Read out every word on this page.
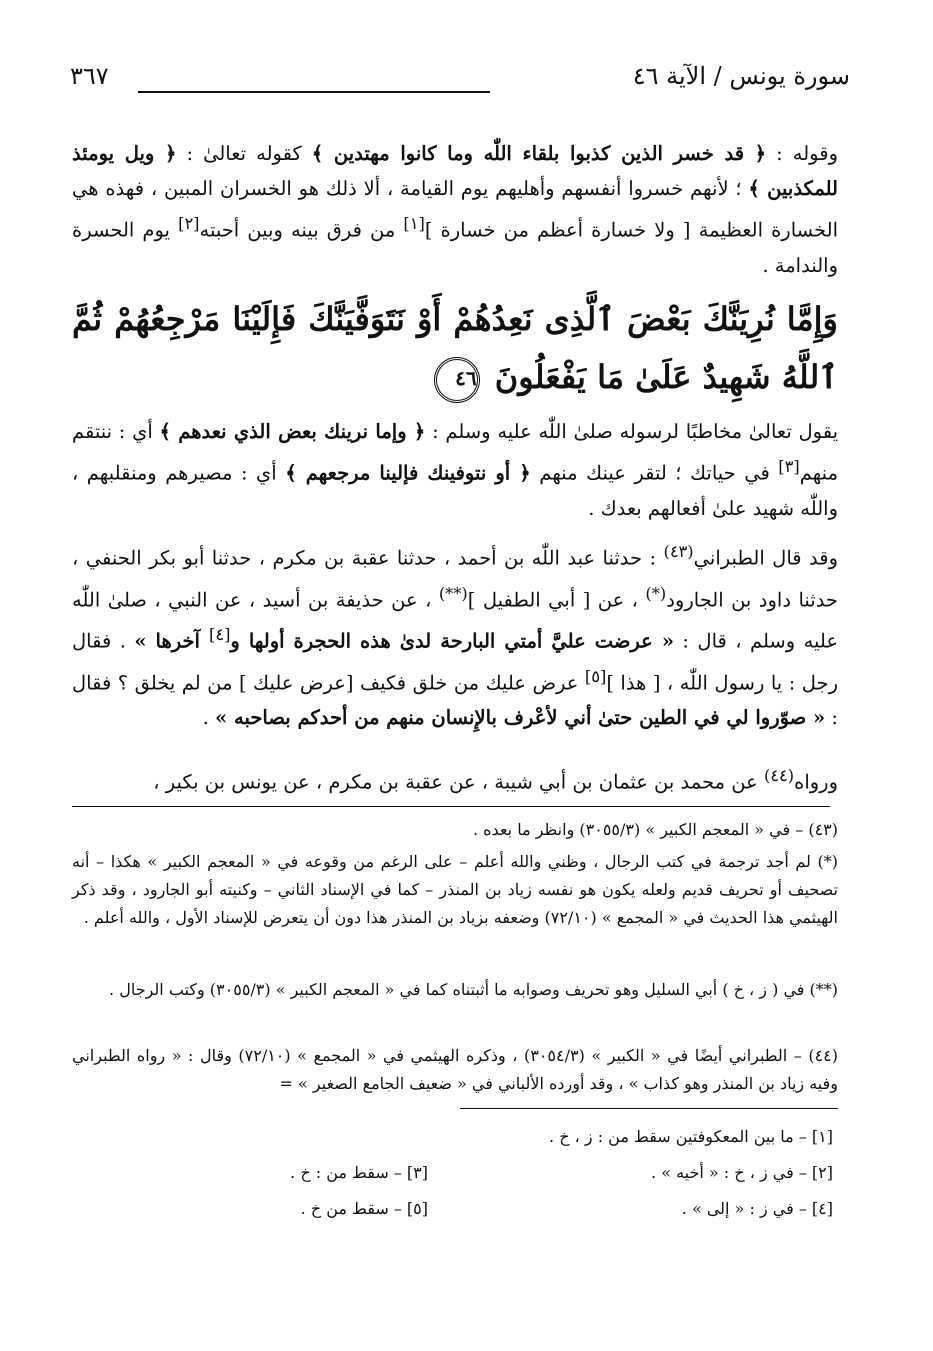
سورة يونس / الآية ٤٦
٣٦٧
وقوله : ﴿ قد خسر الذين كذبوا بلقاء اللّٰه وما كانوا مهتدين ﴾ كقوله تعالىٰ : ﴿ ويل يومئذ للمكذبين ﴾ ؛ لأنهم خسروا أنفسهم وأهليهم يوم القيامة ، ألا ذلك هو الخسران المبين ، فهذه هي الخسارة العظيمة [ ولا خسارة أعظم من خسارة ][١] من فرق بينه وبين أحبته[٢] يوم الحسرة والندامة .
وَإِمَّا نُرِيَنَّكَ بَعْضَ ٱلَّذِى نَعِدُهُمْ أَوْ نَتَوَفَّيَنَّكَ فَإِلَيْنَا مَرْجِعُهُمْ ثُمَّ ٱللَّهُ شَهِيدٌ عَلَىٰ مَا يَفْعَلُونَ ٤٦
يقول تعالىٰ مخاطبًا لرسوله صلىٰ اللّٰه عليه وسلم : ﴿ وإما نرينك بعض الذي نعدهم ﴾ أي : ننتقم منهم[٣] في حياتك ؛ لتقر عينك منهم ﴿ أو نتوفينك فإلينا مرجعهم ﴾ أي : مصيرهم ومنقلبهم ، واللّٰه شهيد علىٰ أفعالهم بعدك .
وقد قال الطبراني$^{(٤٣)}$ : حدثنا عبد اللّٰه بن أحمد ، حدثنا عقبة بن مكرم ، حدثنا أبو بكر الحنفي ، حدثنا داود بن الجارود(*) ، عن [ أبي الطفيل ](**) ، عن حذيفة بن أسيد ، عن النبي ، صلىٰ اللّٰه عليه وسلم ، قال : « عرضت عليَّ أمتي البارحة لدىٰ هذه الحجرة أولها و[٤] آخرها » . فقال رجل : يا رسول اللّٰه ، [ هذا ][٥] عرض عليك من خلق فكيف [عرض عليك ] من لم يخلق ؟ فقال : « صوّروا لي في الطين حتىٰ أني لأعْرف بالإِنسان منهم من أحدكم بصاحبه » .
ورواه$^{(٤٤)}$ عن محمد بن عثمان بن أبي شيبة ، عن عقبة بن مكرم ، عن يونس بن بكير ،
(٤٣) – في « المعجم الكبير » (٣٠٥٥/٣) وانظر ما بعده .
(*) لم أجد ترجمة في كتب الرجال ، وظني والله أعلم – على الرغم من وقوعه في « المعجم الكبير » هكذا – أنه تصحيف أو تحريف قديم ولعله يكون هو نفسه زياد بن المنذر – كما في الإسناد الثاني – وكنيته أبو الجارود ، وقد ذكر الهيثمي هذا الحديث في « المجمع » (٧٢/١٠) وضعفه بزياد بن المنذر هذا دون أن يتعرض للإسناد الأول ، والله أعلم .
(**) في ( ز ، خ ) أبي السليل وهو تحريف وصوابه ما أثبتناه كما في « المعجم الكبير » (٣٠٥٥/٣) وكتب الرجال .
(٤٤) – الطبراني أيضًا في « الكبير » (٣٠٥٤/٣) ، وذكره الهيثمي في « المجمع » (٧٢/١٠) وقال : « رواه الطبراني وفيه زياد بن المنذر وهو كذاب » ، وقد أورده الألباني في « ضعيف الجامع الصغير » =
[١] – ما بين المعكوفتين سقط من : ز ، خ .
[٢] – في ز ، خ : « أخيه » .
[٣] – سقط من : خ .
[٤] – في ز : « إلى » .
[٥] – سقط من خ .
